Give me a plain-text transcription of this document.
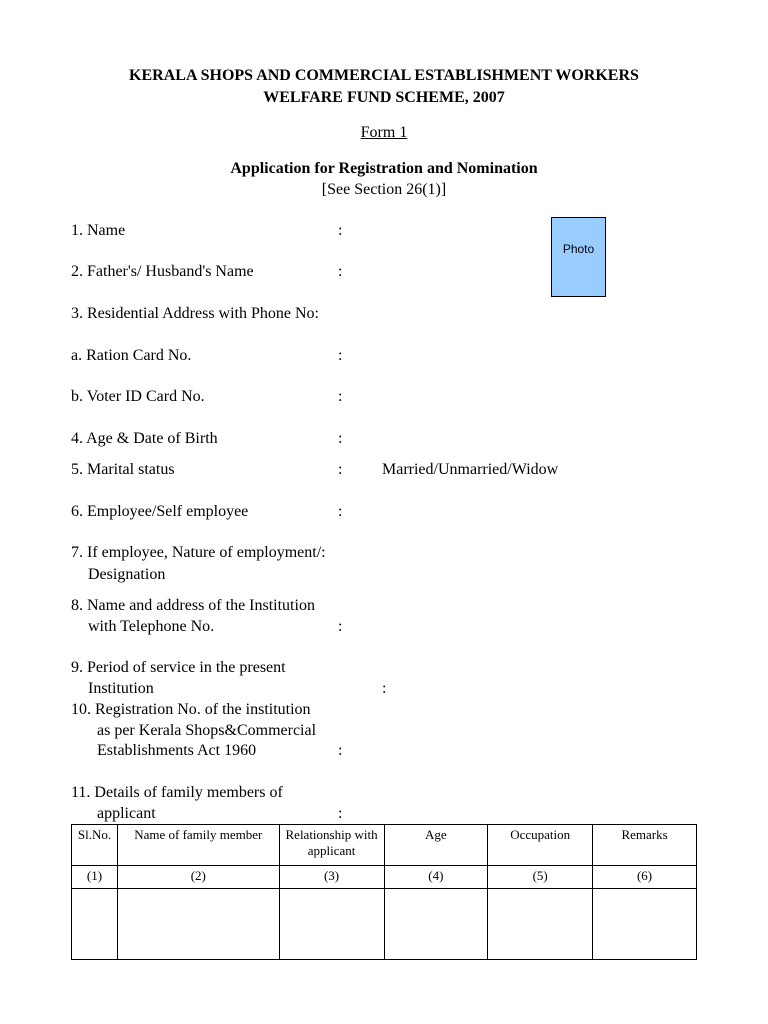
KERALA SHOPS AND COMMERCIAL ESTABLISHMENT WORKERS
WELFARE FUND SCHEME, 2007
Form 1
Application for Registration and Nomination
[See Section 26(1)]
Photo
1. Name	:
2. Father's/ Husband's Name	:
3. Residential Address with Phone No:
a. Ration Card No.	:
b. Voter ID Card No.	:
4. Age & Date of Birth	:
5. Marital status	: Married/Unmarried/Widow
6. Employee/Self employee	:
7. If employee, Nature of employment/:
Designation
8. Name and address of the Institution
with Telephone No.	:
9. Period of service in the present
Institution	:
10. Registration No. of the institution
as per Kerala Shops&Commercial
Establishments Act 1960	:
11. Details of family members of
applicant	:
Sl.No.	Name of family member	Relationship with applicant	Age	Occupation	Remarks
(1)	(2)	(3)	(4)	(5)	(6)
